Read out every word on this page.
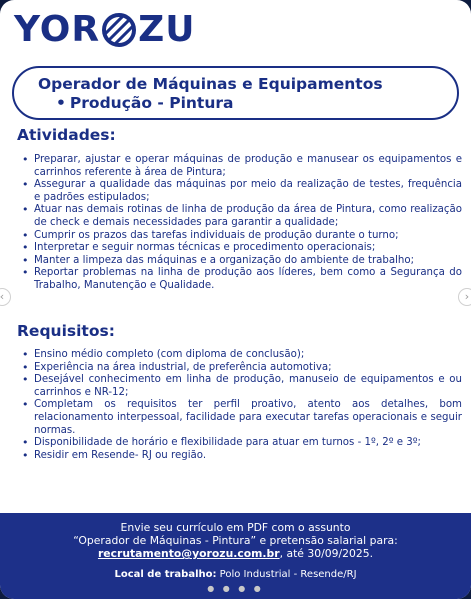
YOR ZU
Operador de Máquinas e Equipamentos
• Produção - Pintura
Atividades:
• Preparar, ajustar e operar máquinas de produção e manusear os equipamentos e carrinhos referente à área de Pintura;
• Assegurar a qualidade das máquinas por meio da realização de testes, frequência e padrões estipulados;
• Atuar nas demais rotinas de linha de produção da área de Pintura, como realização de check e demais necessidades para garantir a qualidade;
• Cumprir os prazos das tarefas individuais de produção durante o turno;
• Interpretar e seguir normas técnicas e procedimento operacionais;
• Manter a limpeza das máquinas e a organização do ambiente de trabalho;
• Reportar problemas na linha de produção aos líderes, bem como a Segurança do Trabalho, Manutenção e Qualidade.
Requisitos:
• Ensino médio completo (com diploma de conclusão);
• Experiência na área industrial, de preferência automotiva;
• Desejável conhecimento em linha de produção, manuseio de equipamentos e ou carrinhos e NR-12;
• Completam os requisitos ter perfil proativo, atento aos detalhes, bom relacionamento interpessoal, facilidade para executar tarefas operacionais e seguir normas.
• Disponibilidade de horário e flexibilidade para atuar em turnos - 1º, 2º e 3º;
• Residir em Resende- RJ ou região.
Envie seu currículo em PDF com o assunto
“Operador de Máquinas - Pintura” e pretensão salarial para:
recrutamento@yorozu.com.br, até 30/09/2025.
Local de trabalho: Polo Industrial - Resende/RJ
● ● ● ●
‹	›
